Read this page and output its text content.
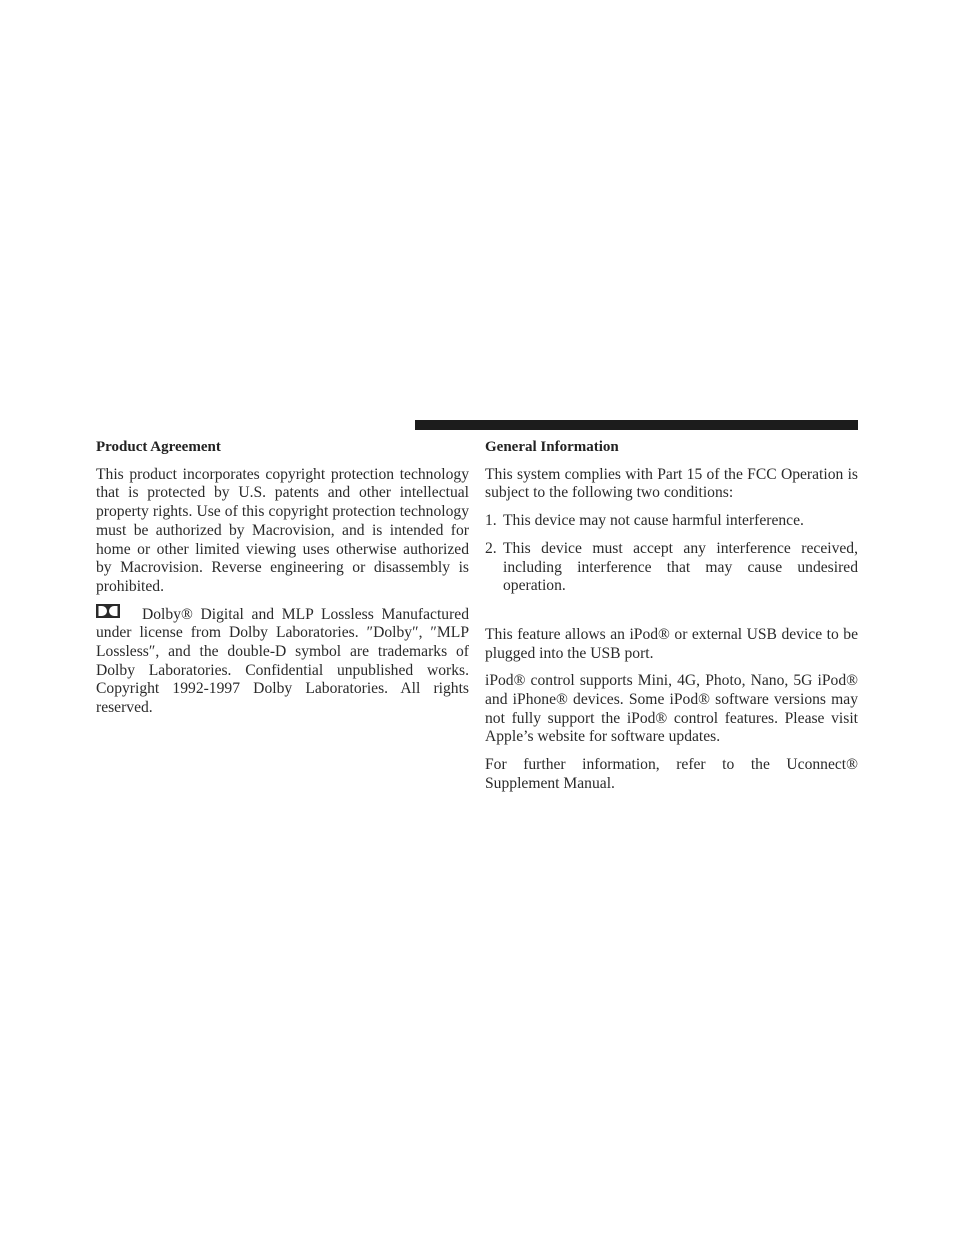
Product Agreement

This product incorporates copyright protection technology that is protected by U.S. patents and other intellectual property rights. Use of this copyright protection technology must be authorized by Macrovision, and is intended for home or other limited viewing uses otherwise authorized by Macrovision. Reverse engineering or disassembly is prohibited.

Dolby® Digital and MLP Lossless Manufactured under license from Dolby Laboratories. ″Dolby″, ″MLP Lossless″, and the double-D symbol are trademarks of Dolby Laboratories. Confidential unpublished works. Copyright 1992-1997 Dolby Laboratories. All rights reserved.

General Information

This system complies with Part 15 of the FCC Operation is subject to the following two conditions:

1. This device may not cause harmful interference.
2. This device must accept any interference received, including interference that may cause undesired operation.

This feature allows an iPod® or external USB device to be plugged into the USB port.

iPod® control supports Mini, 4G, Photo, Nano, 5G iPod® and iPhone® devices. Some iPod® software versions may not fully support the iPod® control features. Please visit Apple’s website for software updates.

For further information, refer to the Uconnect® Supplement Manual.
